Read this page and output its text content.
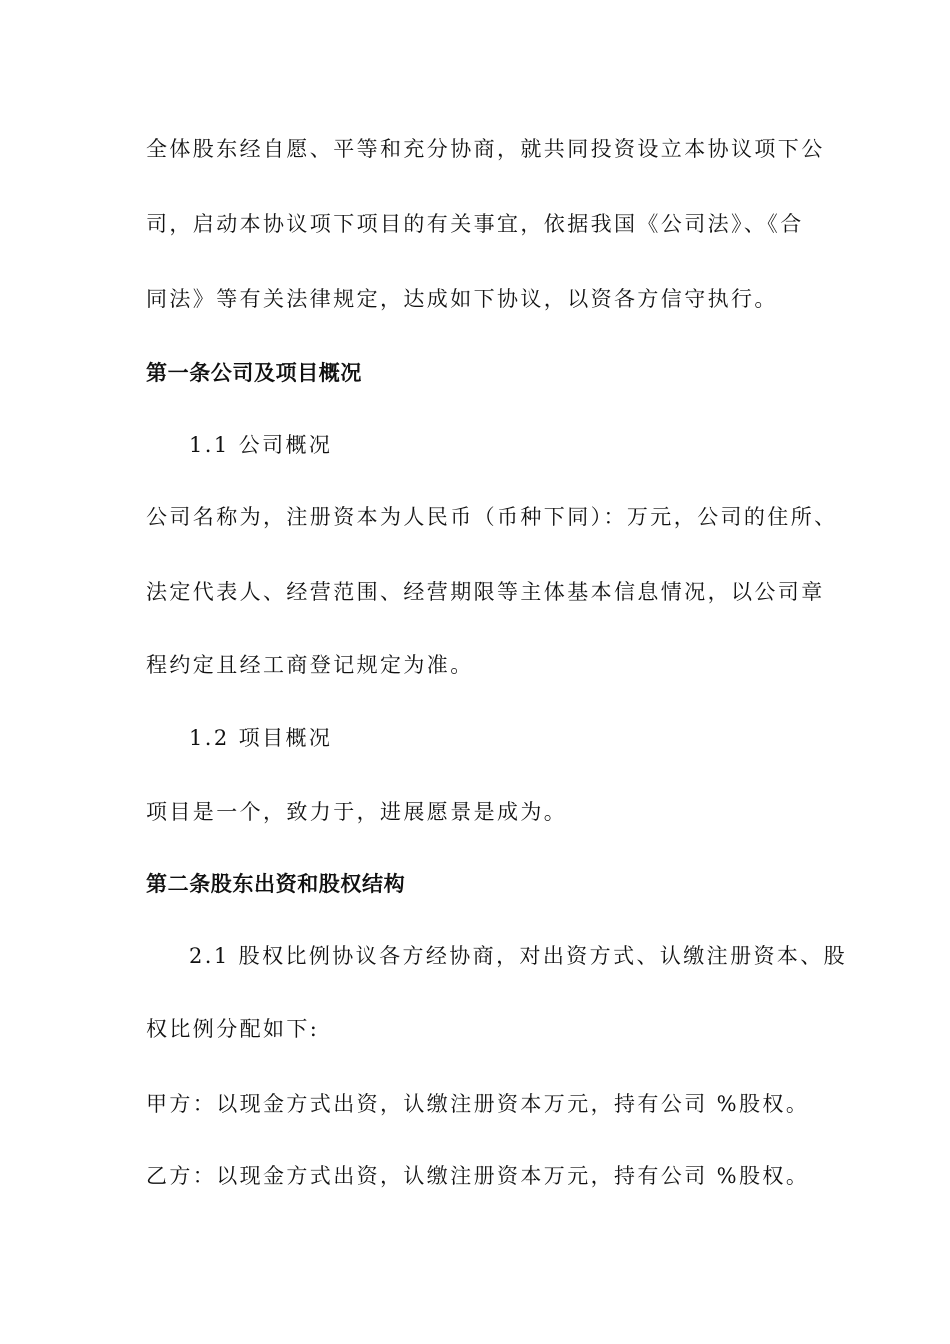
全体股东经自愿、平等和充分协商，就共同投资设立本协议项下公
司，启动本协议项下项目的有关事宜，依据我国《公司法》、《合
同法》等有关法律规定，达成如下协议，以资各方信守执行。
第一条公司及项目概况
1.1 公司概况
公司名称为，注册资本为人民币（币种下同）：万元，公司的住所、
法定代表人、经营范围、经营期限等主体基本信息情况，以公司章
程约定且经工商登记规定为准。
1.2 项目概况
项目是一个，致力于，进展愿景是成为。
第二条股东出资和股权结构
2.1 股权比例协议各方经协商，对出资方式、认缴注册资本、股
权比例分配如下:
甲方：以现金方式出资，认缴注册资本万元，持有公司 %股权。
乙方：以现金方式出资，认缴注册资本万元，持有公司 %股权。
